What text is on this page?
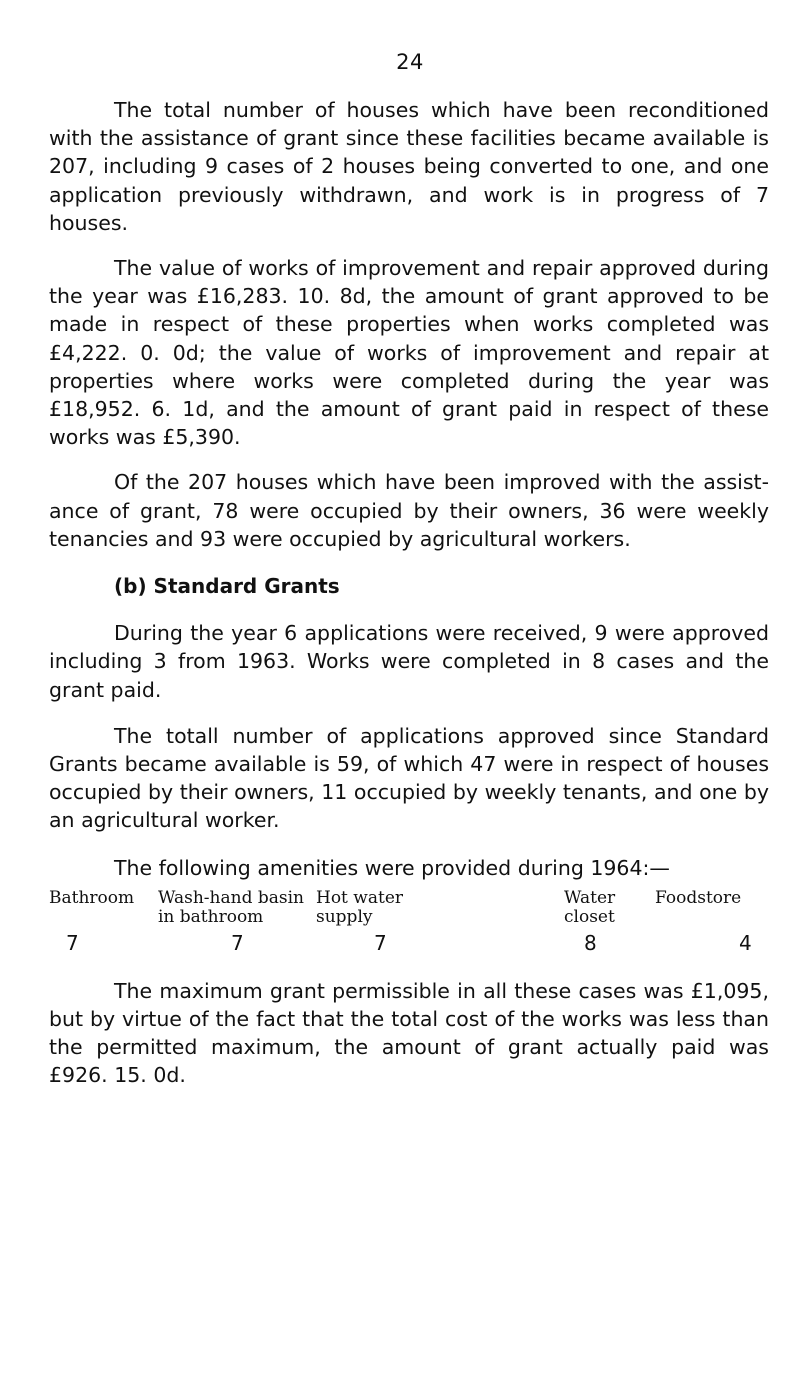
24

The total number of houses which have been reconditioned with the assistance of grant since these facilities became available is 207, including 9 cases of 2 houses being converted to one, and one application previously withdrawn, and work is in progress of 7 houses.

The value of works of improvement and repair approved during the year was £16,283. 10. 8d, the amount of grant approved to be made in respect of these properties when works completed was £4,222. 0. 0d; the value of works of improvement and repair at properties where works were completed during the year was £18,952. 6. 1d, and the amount of grant paid in respect of these works was £5,390.

Of the 207 houses which have been improved with the assistance of grant, 78 were occupied by their owners, 36 were weekly tenancies and 93 were occupied by agricultural workers.

(b) Standard Grants

During the year 6 applications were received, 9 were approved including 3 from 1963. Works were completed in 8 cases and the grant paid.

The totall number of applications approved since Standard Grants became available is 59, of which 47 were in respect of houses occupied by their owners, 11 occupied by weekly tenants, and one by an agricultural worker.

The following amenities were provided during 1964:—

Bathroom
7
Wash-hand basin
in bathroom
7
Hot water
supply
7
Water
closet
8
Foodstore
4

The maximum grant permissible in all these cases was £1,095, but by virtue of the fact that the total cost of the works was less than the permitted maximum, the amount of grant actually paid was £926. 15. 0d.
